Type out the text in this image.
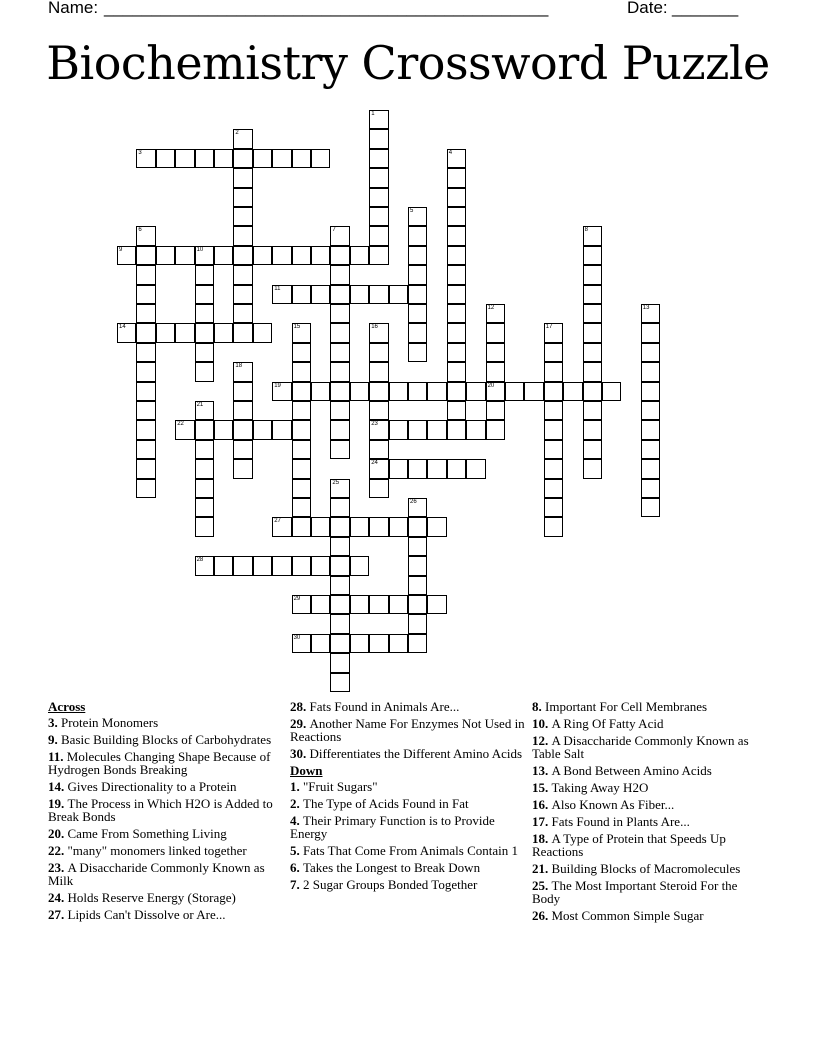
Name: _______________________________________________	Date: _______
Biochemistry Crossword Puzzle
1
2
3	4
5
6	7	8
9	10
11
12
20
13
14	15	16
23
24
17
18
19
21
22
25
26
27
28
29
30
Across
3. Protein Monomers
9. Basic Building Blocks of Carbohydrates
11. Molecules Changing Shape Because of Hydrogen Bonds Breaking
14. Gives Directionality to a Protein
19. The Process in Which H2O is Added to Break Bonds
20. Came From Something Living
22. "many" monomers linked together
23. A Disaccharide Commonly Known as Milk
24. Holds Reserve Energy (Storage)
27. Lipids Can't Dissolve or Are...
28. Fats Found in Animals Are...
29. Another Name For Enzymes Not Used in Reactions
30. Differentiates the Different Amino Acids
Down
1. "Fruit Sugars"
2. The Type of Acids Found in Fat
4. Their Primary Function is to Provide Energy
5. Fats That Come From Animals Contain 1
6. Takes the Longest to Break Down
7. 2 Sugar Groups Bonded Together
8. Important For Cell Membranes
10. A Ring Of Fatty Acid
12. A Disaccharide Commonly Known as Table Salt
13. A Bond Between Amino Acids
15. Taking Away H2O
16. Also Known As Fiber...
17. Fats Found in Plants Are...
18. A Type of Protein that Speeds Up Reactions
21. Building Blocks of Macromolecules
25. The Most Important Steroid For the Body
26. Most Common Simple Sugar
